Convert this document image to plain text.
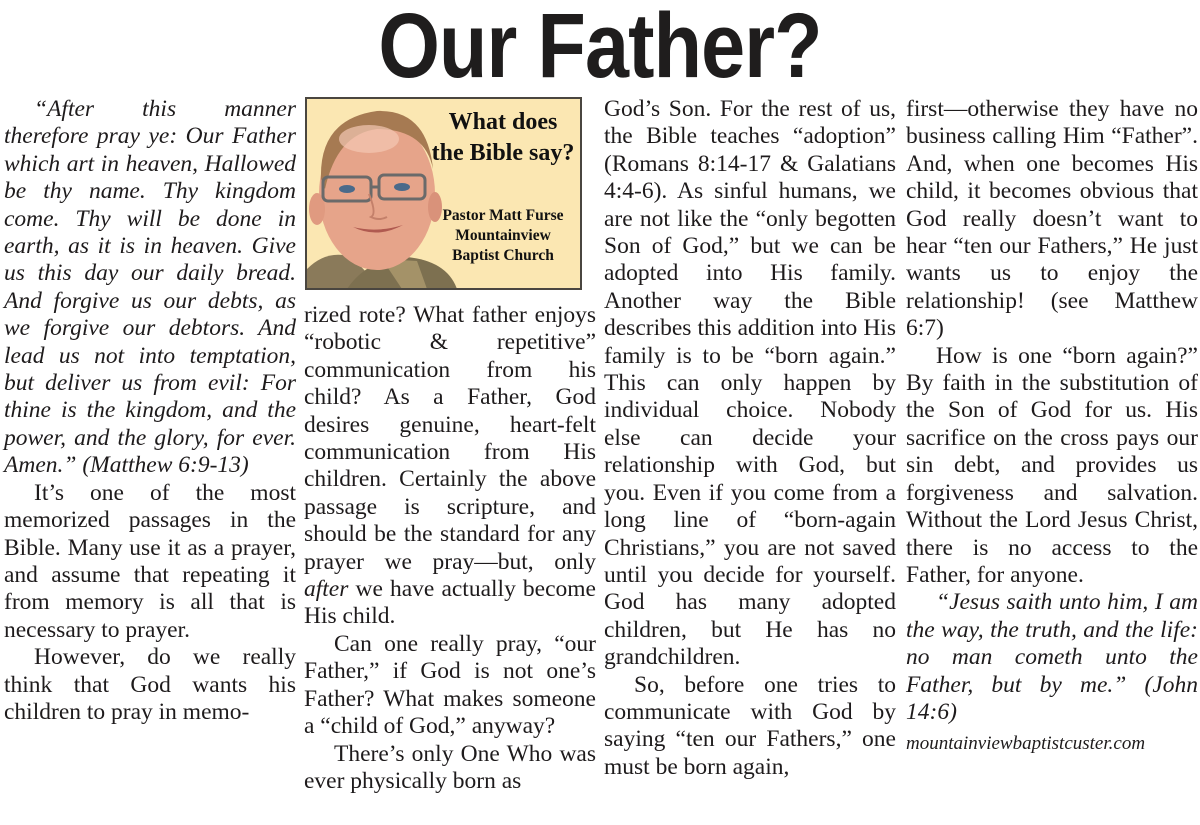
Our Father?

“After this manner therefore pray ye: Our Father which art in heaven, Hallowed be thy name. Thy kingdom come. Thy will be done in earth, as it is in heaven. Give us this day our daily bread. And forgive us our debts, as we forgive our debtors. And lead us not into temptation, but deliver us from evil: For thine is the kingdom, and the power, and the glory, for ever. Amen.” (Matthew 6:9-13)

It’s one of the most memorized passages in the Bible. Many use it as a prayer, and assume that repeating it from memory is all that is necessary to prayer.

However, do we really think that God wants his children to pray in memo-

What does
the Bible say?
Pastor Matt Furse
Mountainview
Baptist Church

rized rote? What father enjoys “robotic & repetitive” communication from his child? As a Father, God desires genuine, heart-felt communication from His children. Certainly the above passage is scripture, and should be the standard for any prayer we pray—but, only after we have actually become His child.

Can one really pray, “our Father,” if God is not one’s Father? What makes someone a “child of God,” anyway?

There’s only One Who was ever physically born as

God’s Son. For the rest of us, the Bible teaches “adoption” (Romans 8:14-17 & Galatians 4:4-6). As sinful humans, we are not like the “only begotten Son of God,” but we can be adopted into His family. Another way the Bible describes this addition into His family is to be “born again.” This can only happen by individual choice. Nobody else can decide your relationship with God, but you. Even if you come from a long line of “born-again Christians,” you are not saved until you decide for yourself. God has many adopted children, but He has no grandchildren.

So, before one tries to communicate with God by saying “ten our Fathers,” one must be born again,

first—otherwise they have no business calling Him “Father”. And, when one becomes His child, it becomes obvious that God really doesn’t want to hear “ten our Fathers,” He just wants us to enjoy the relationship! (see Matthew 6:7)

How is one “born again?” By faith in the substitution of the Son of God for us. His sacrifice on the cross pays our sin debt, and provides us forgiveness and salvation. Without the Lord Jesus Christ, there is no access to the Father, for anyone.

“Jesus saith unto him, I am the way, the truth, and the life: no man cometh unto the Father, but by me.” (John 14:6)

mountainviewbaptistcuster.com
